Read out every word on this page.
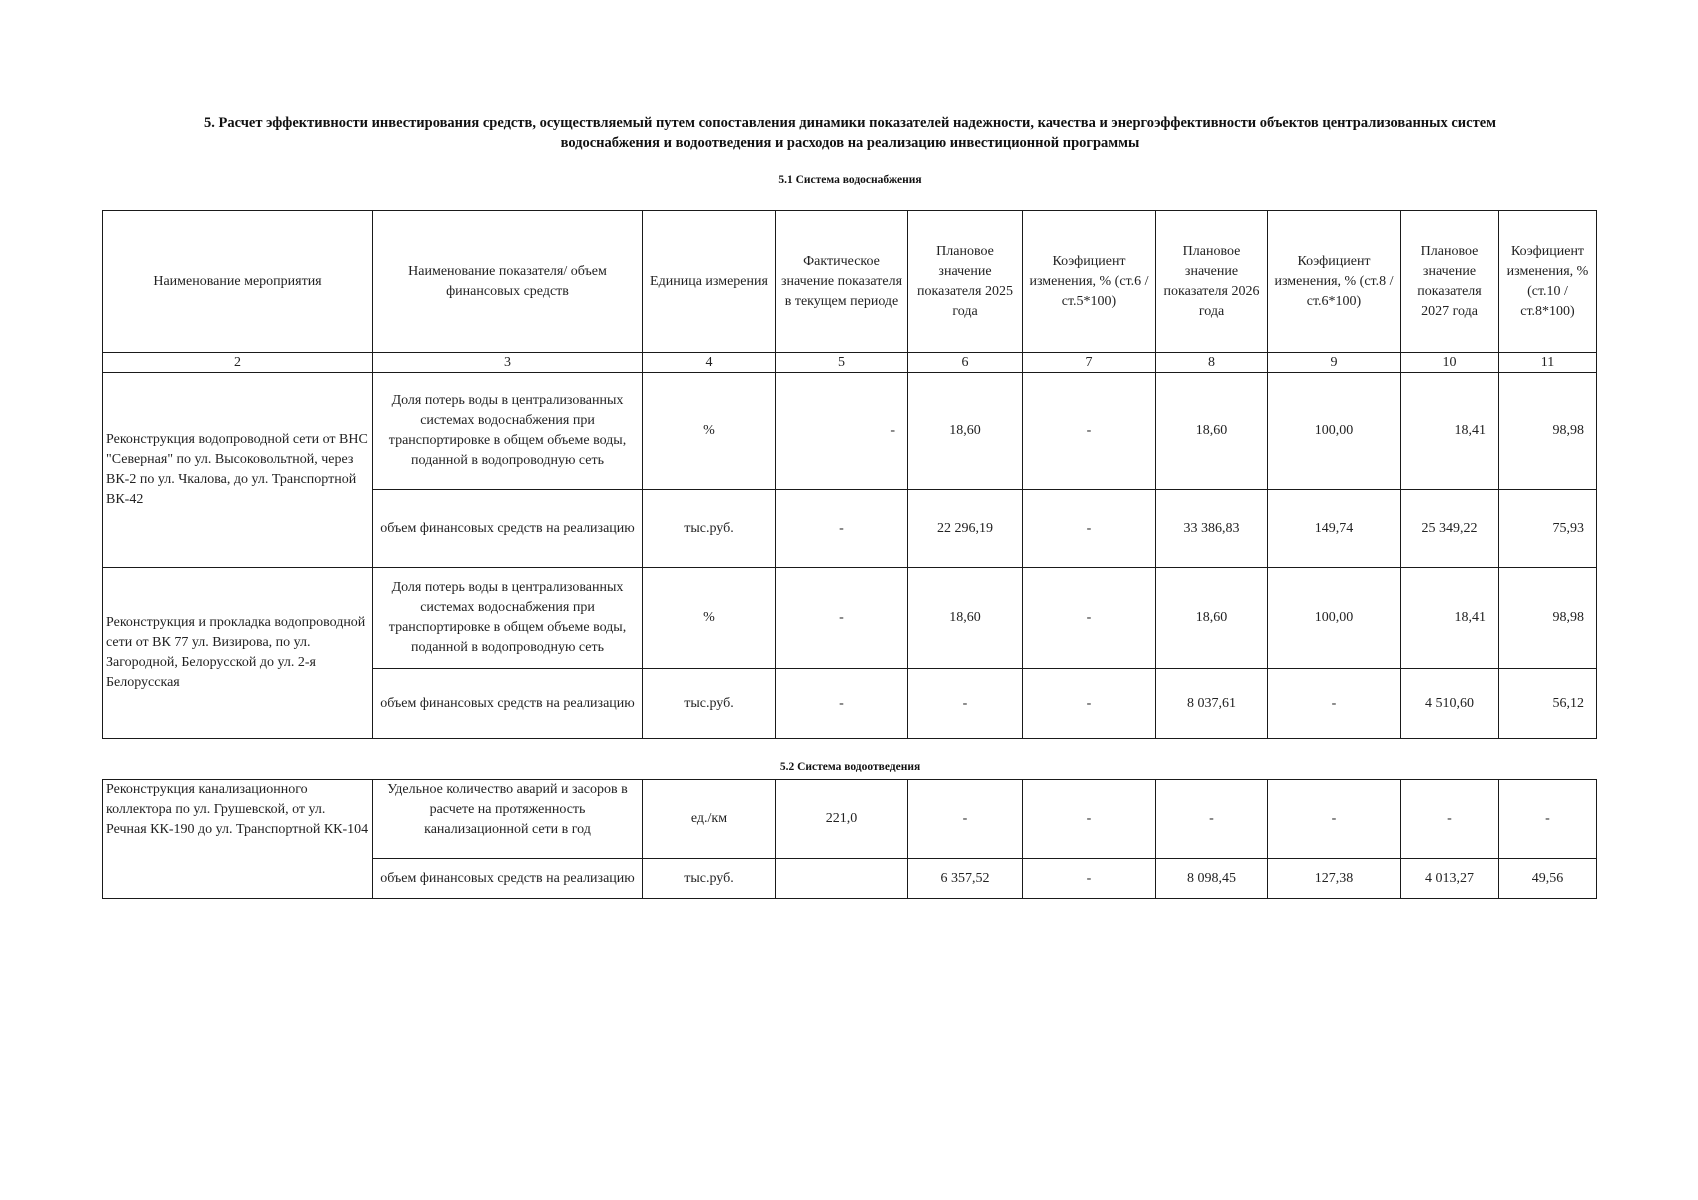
5. Расчет эффективности инвестирования средств, осуществляемый путем сопоставления динамики показателей надежности, качества и энергоэффективности объектов централизованных систем
водоснабжения и водоотведения и расходов на реализацию инвестиционной программы
5.1 Система водоснабжения
Наименование мероприятия	Наименование показателя/ объем финансовых средств	Единица измерения	Фактическое значение показателя в текущем периоде	Плановое значение показателя 2025 года	Коэфициент изменения, % (ст.6 /ст.5*100)	Плановое значение показателя 2026 года	Коэфициент изменения, % (ст.8 /ст.6*100)	Плановое значение показателя 2027 года	Коэфициент изменения, % (ст.10 /ст.8*100)
2	3	4	5	6	7	8	9	10	11
Реконструкция водопроводной сети от ВНС "Северная" по ул. Высоковольтной, через ВК-2 по ул. Чкалова, до ул. Транспортной ВК-42	Доля потерь воды в централизованных системах водоснабжения при транспортировке в общем объеме воды, поданной в водопроводную сеть	%	-	18,60	-	18,60	100,00	18,41	98,98
	объем финансовых средств на реализацию	тыс.руб.	-	22 296,19	-	33 386,83	149,74	25 349,22	75,93
Реконструкция и прокладка водопроводной сети от ВК 77 ул. Визирова, по ул. Загородной, Белорусской до ул. 2-я Белорусская	Доля потерь воды в централизованных системах водоснабжения при транспортировке в общем объеме воды, поданной в водопроводную сеть	%	-	18,60	-	18,60	100,00	18,41	98,98
	объем финансовых средств на реализацию	тыс.руб.	-	-	-	8 037,61	-	4 510,60	56,12
5.2 Система водоотведения
Реконструкция канализационного коллектора по ул. Грушевской, от ул. Речная КК-190 до ул. Транспортной КК-104	Удельное количество аварий и засоров в расчете на протяженность канализационной сети в год	ед./км	221,0	-	-	-	-	-	-
	объем финансовых средств на реализацию	тыс.руб.		6 357,52	-	8 098,45	127,38	4 013,27	49,56
